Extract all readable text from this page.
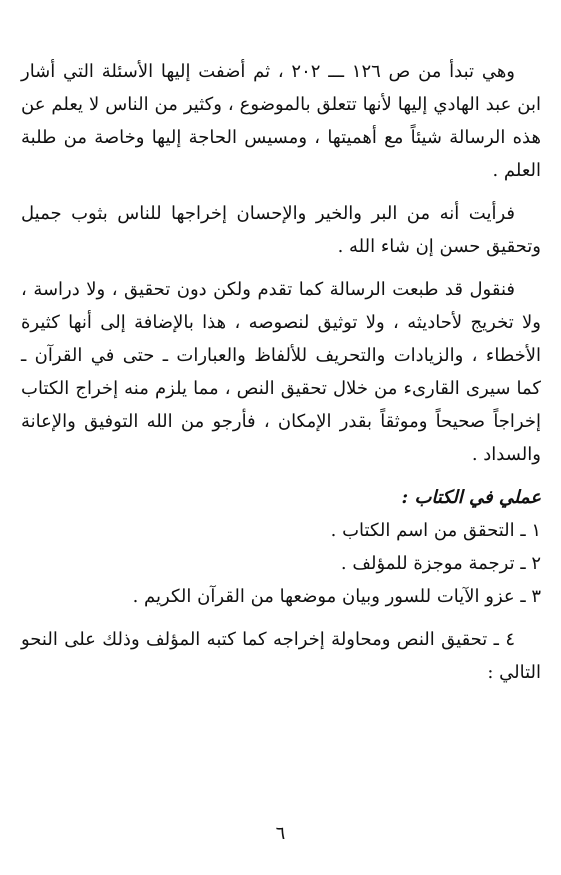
وهي تبدأ من ص ١٢٦ ـــ ٢٠٢ ، ثم أضفت إليها الأسئلة التي أشار ابن عبد الهادي إليها لأنها تتعلق بالموضوع ، وكثير من الناس لا يعلم عن هذه الرسالة شيئاً مع أهميتها ، ومسيس الحاجة إليها وخاصة من طلبة العلم .

فرأيت أنه من البر والخير والإحسان إخراجها للناس بثوب جميل وتحقيق حسن إن شاء الله .

فنقول قد طبعت الرسالة كما تقدم ولكن دون تحقيق ، ولا دراسة ، ولا تخريج لأحاديثه ، ولا توثيق لنصوصه ، هذا بالإضافة إلى أنها كثيرة الأخطاء ، والزيادات والتحريف للألفاظ والعبارات ـ حتى في القرآن ـ كما سيرى القارىء من خلال تحقيق النص ، مما يلزم منه إخراج الكتاب إخراجاً صحيحاً وموثقاً بقدر الإمكان ، فأرجو من الله التوفيق والإعانة والسداد .

عملي في الكتاب :

١ ـ التحقق من اسم الكتاب .

٢ ـ ترجمة موجزة للمؤلف .

٣ ـ عزو الآيات للسور وبيان موضعها من القرآن الكريم .

٤ ـ تحقيق النص ومحاولة إخراجه كما كتبه المؤلف وذلك على النحو التالي :

٦
